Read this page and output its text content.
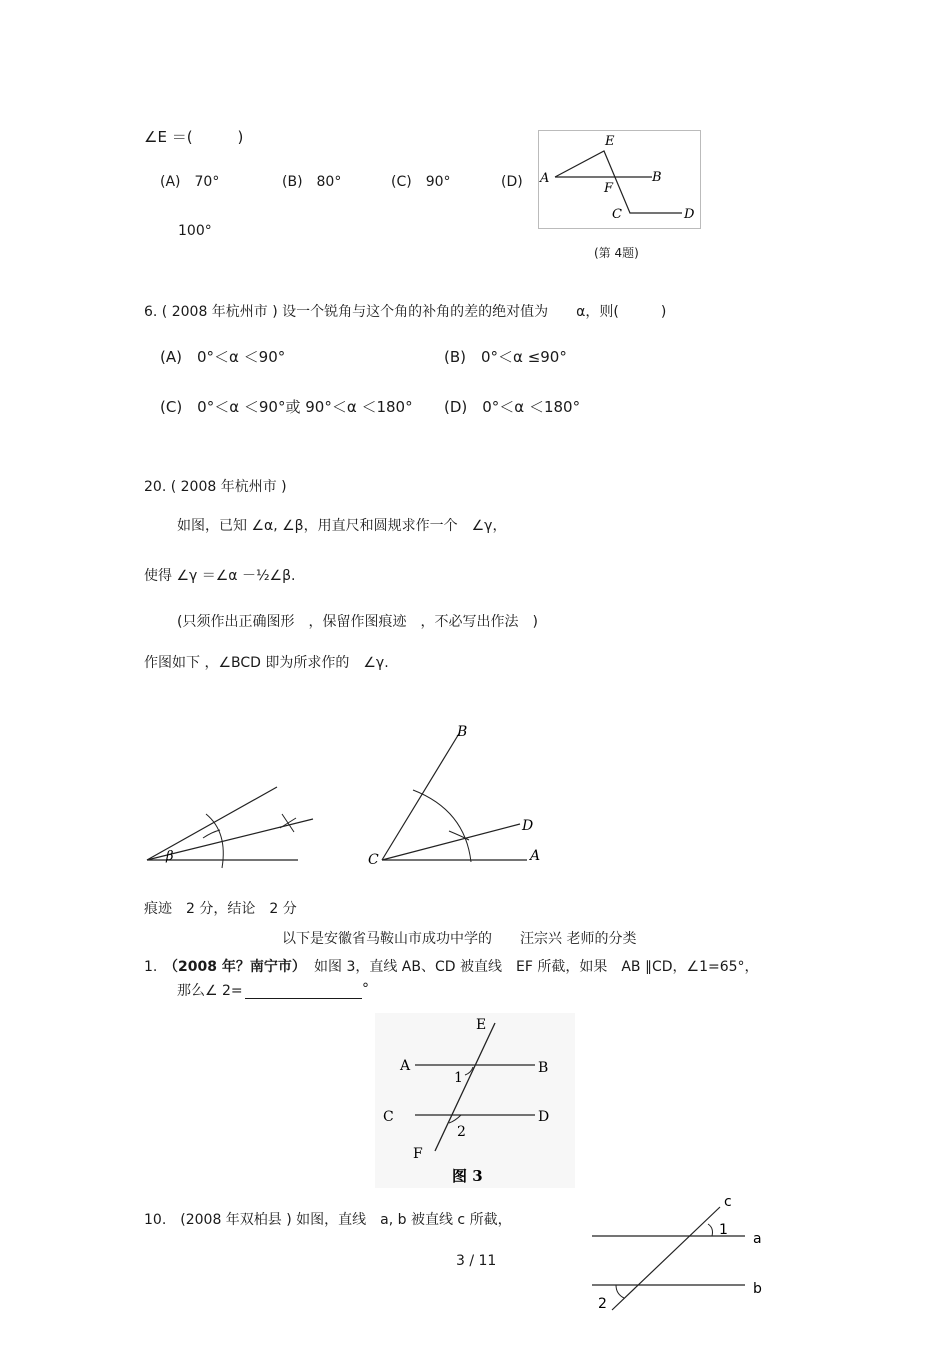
∠E ＝(　　　)
(A)　70°	(B)　80°	(C)　90°	(D)
100°
E
A
F
B
C	D
(第 4题)
6. ( 2008 年杭州市 ) 设一个锐角与这个角的补角的差的绝对值为　　α，则(　　　)
(A)　0°＜α ＜90°	(B)　0°＜α ≤90°
(C)　0°＜α ＜90°或 90°＜α ＜180° (D)　0°＜α ＜180°
20. ( 2008 年杭州市 )
如图，已知 ∠α, ∠β，用直尺和圆规求作一个　∠γ，
使得 ∠γ ＝∠α －½∠β.
(只须作出正确图形　，保留作图痕迹　，不必写出作法　)
作图如下 ，∠BCD 即为所求作的　∠γ.
β
B
D
C	A
痕迹　2 分，结论　2 分
以下是安徽省马鞍山市成功中学的　　汪宗兴 老师的分类
1. （2008 年？南宁市） 如图 3，直线 AB、CD 被直线　EF 所截，如果　AB ∥CD，∠1=65°，
那么∠ 2=	°
E
A	B
1
C	D
2
F
图 3
10.　(2008 年双柏县 ) 如图，直线　a, b 被直线 c 所截，
c
1
a
b
2
3 / 11
